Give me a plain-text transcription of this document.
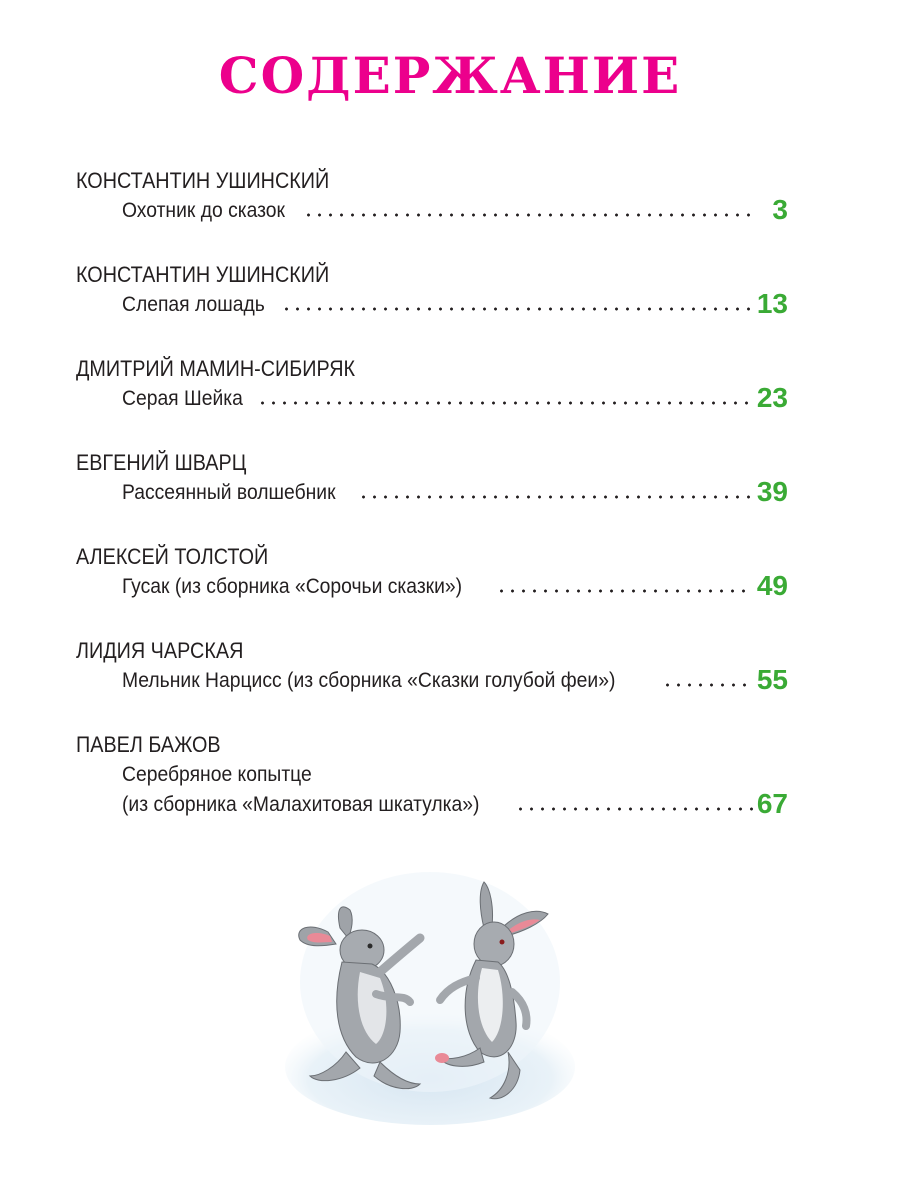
СОДЕРЖАНИЕ
КОНСТАНТИН УШИНСКИЙ
Охотник до сказок	3
КОНСТАНТИН УШИНСКИЙ
Слепая лошадь	13
ДМИТРИЙ МАМИН-СИБИРЯК
Серая Шейка	23
ЕВГЕНИЙ ШВАРЦ
Рассеянный волшебник	39
АЛЕКСЕЙ ТОЛСТОЙ
Гусак (из сборника «Сорочьи сказки»)	49
ЛИДИЯ ЧАРСКАЯ
Мельник Нарцисс (из сборника «Сказки голубой феи»)	55
ПАВЕЛ БАЖОВ
Серебряное копытце
(из сборника «Малахитовая шкатулка»)	67
